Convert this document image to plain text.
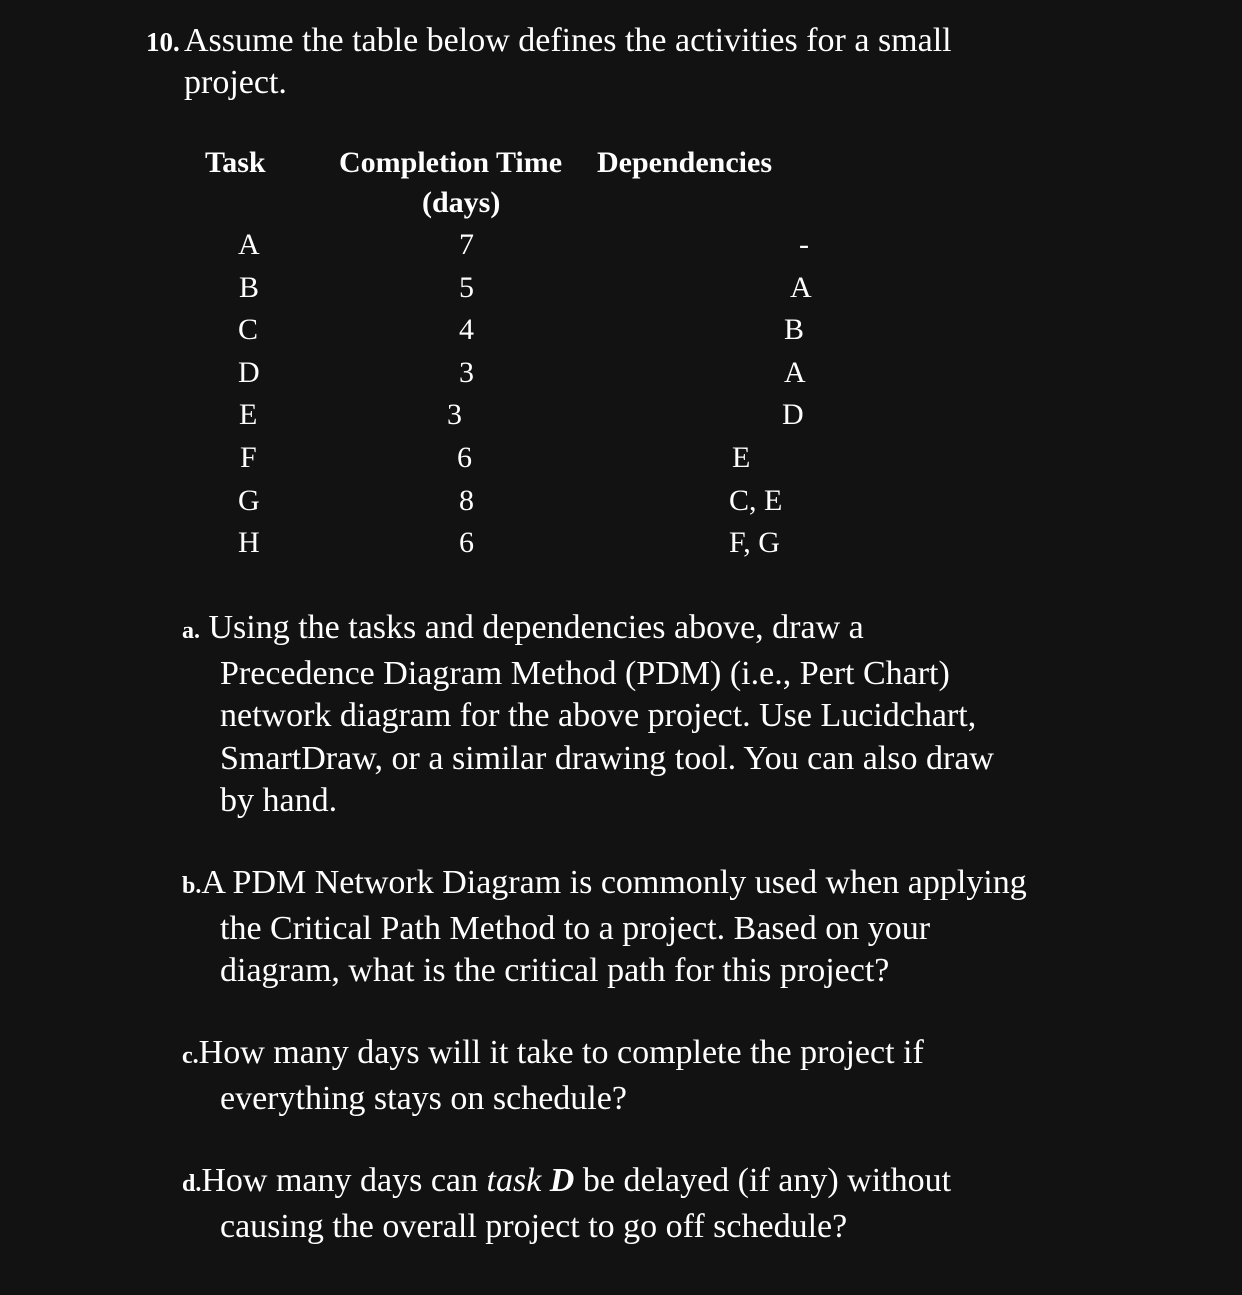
10. Assume the table below defines the activities for a small
project.
Task Completion Time Dependencies
(days)
A
B
C
D
E
F
G
H
7
5
4
3
3
6
8
6
-
A
B
A
D
E
C, E
F, G
a. Using the tasks and dependencies above, draw a
Precedence Diagram Method (PDM) (i.e., Pert Chart)
network diagram for the above project. Use Lucidchart,
SmartDraw, or a similar drawing tool. You can also draw
by hand.
b.A PDM Network Diagram is commonly used when applying
the Critical Path Method to a project. Based on your
diagram, what is the critical path for this project?
c.How many days will it take to complete the project if
everything stays on schedule?
d.How many days can task D be delayed (if any) without
causing the overall project to go off schedule?
